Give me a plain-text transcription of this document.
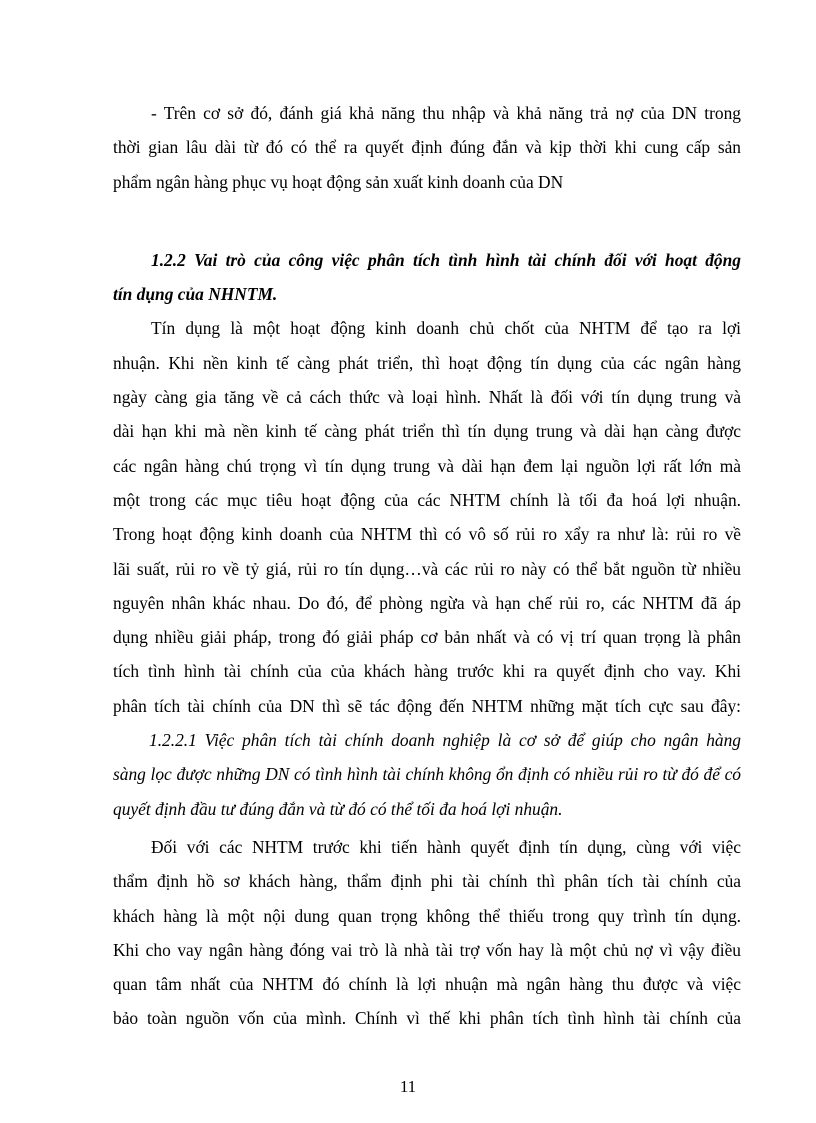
- Trên cơ sở đó, đánh giá khả năng thu nhập và khả năng trả nợ của DN trong
thời gian lâu dài từ đó có thể ra quyết định đúng đắn và kịp thời khi cung cấp sản
phẩm ngân hàng phục vụ hoạt động sản xuất kinh doanh của DN
1.2.2 Vai trò của công việc phân tích tình hình tài chính đối với hoạt động
tín dụng của NHNTM.
Tín dụng là một hoạt động kinh doanh chủ chốt của NHTM để tạo ra lợi
nhuận. Khi nền kinh tế càng phát triển, thì hoạt động tín dụng của các ngân hàng
ngày càng gia tăng về cả cách thức và loại hình. Nhất là đối với tín dụng trung và
dài hạn khi mà nền kinh tế càng phát triển thì tín dụng trung và dài hạn càng được
các ngân hàng chú trọng vì tín dụng trung và dài hạn đem lại nguồn lợi rất lớn mà
một trong các mục tiêu hoạt động của các NHTM chính là tối đa hoá lợi nhuận.
Trong hoạt động kinh doanh của NHTM thì có vô số rủi ro xẩy ra như là: rủi ro về
lãi suất, rủi ro về tỷ giá, rủi ro tín dụng…và các rủi ro này có thể bắt nguồn từ nhiều
nguyên nhân khác nhau. Do đó, để phòng ngừa và hạn chế rủi ro, các NHTM đã áp
dụng nhiều giải pháp, trong đó giải pháp cơ bản nhất và có vị trí quan trọng là phân
tích tình hình tài chính của của khách hàng trước khi ra quyết định cho vay. Khi
phân tích tài chính của DN thì sẽ tác động đến NHTM những mặt tích cực sau đây:
1.2.2.1 Việc phân tích tài chính doanh nghiệp là cơ sở để giúp cho ngân hàng
sàng lọc được những DN có tình hình tài chính không ổn định có nhiều rủi ro từ đó để có
quyết định đầu tư đúng đắn và từ đó có thể tối đa hoá lợi nhuận.
Đối với các NHTM trước khi tiến hành quyết định tín dụng, cùng với việc
thẩm định hồ sơ khách hàng, thẩm định phi tài chính thì phân tích tài chính của
khách hàng là một nội dung quan trọng không thể thiếu trong quy trình tín dụng.
Khi cho vay ngân hàng đóng vai trò là nhà tài trợ vốn hay là một chủ nợ vì vậy điều
quan tâm nhất của NHTM đó chính là lợi nhuận mà ngân hàng thu được và việc
bảo toàn nguồn vốn của mình. Chính vì thế khi phân tích tình hình tài chính của
11
